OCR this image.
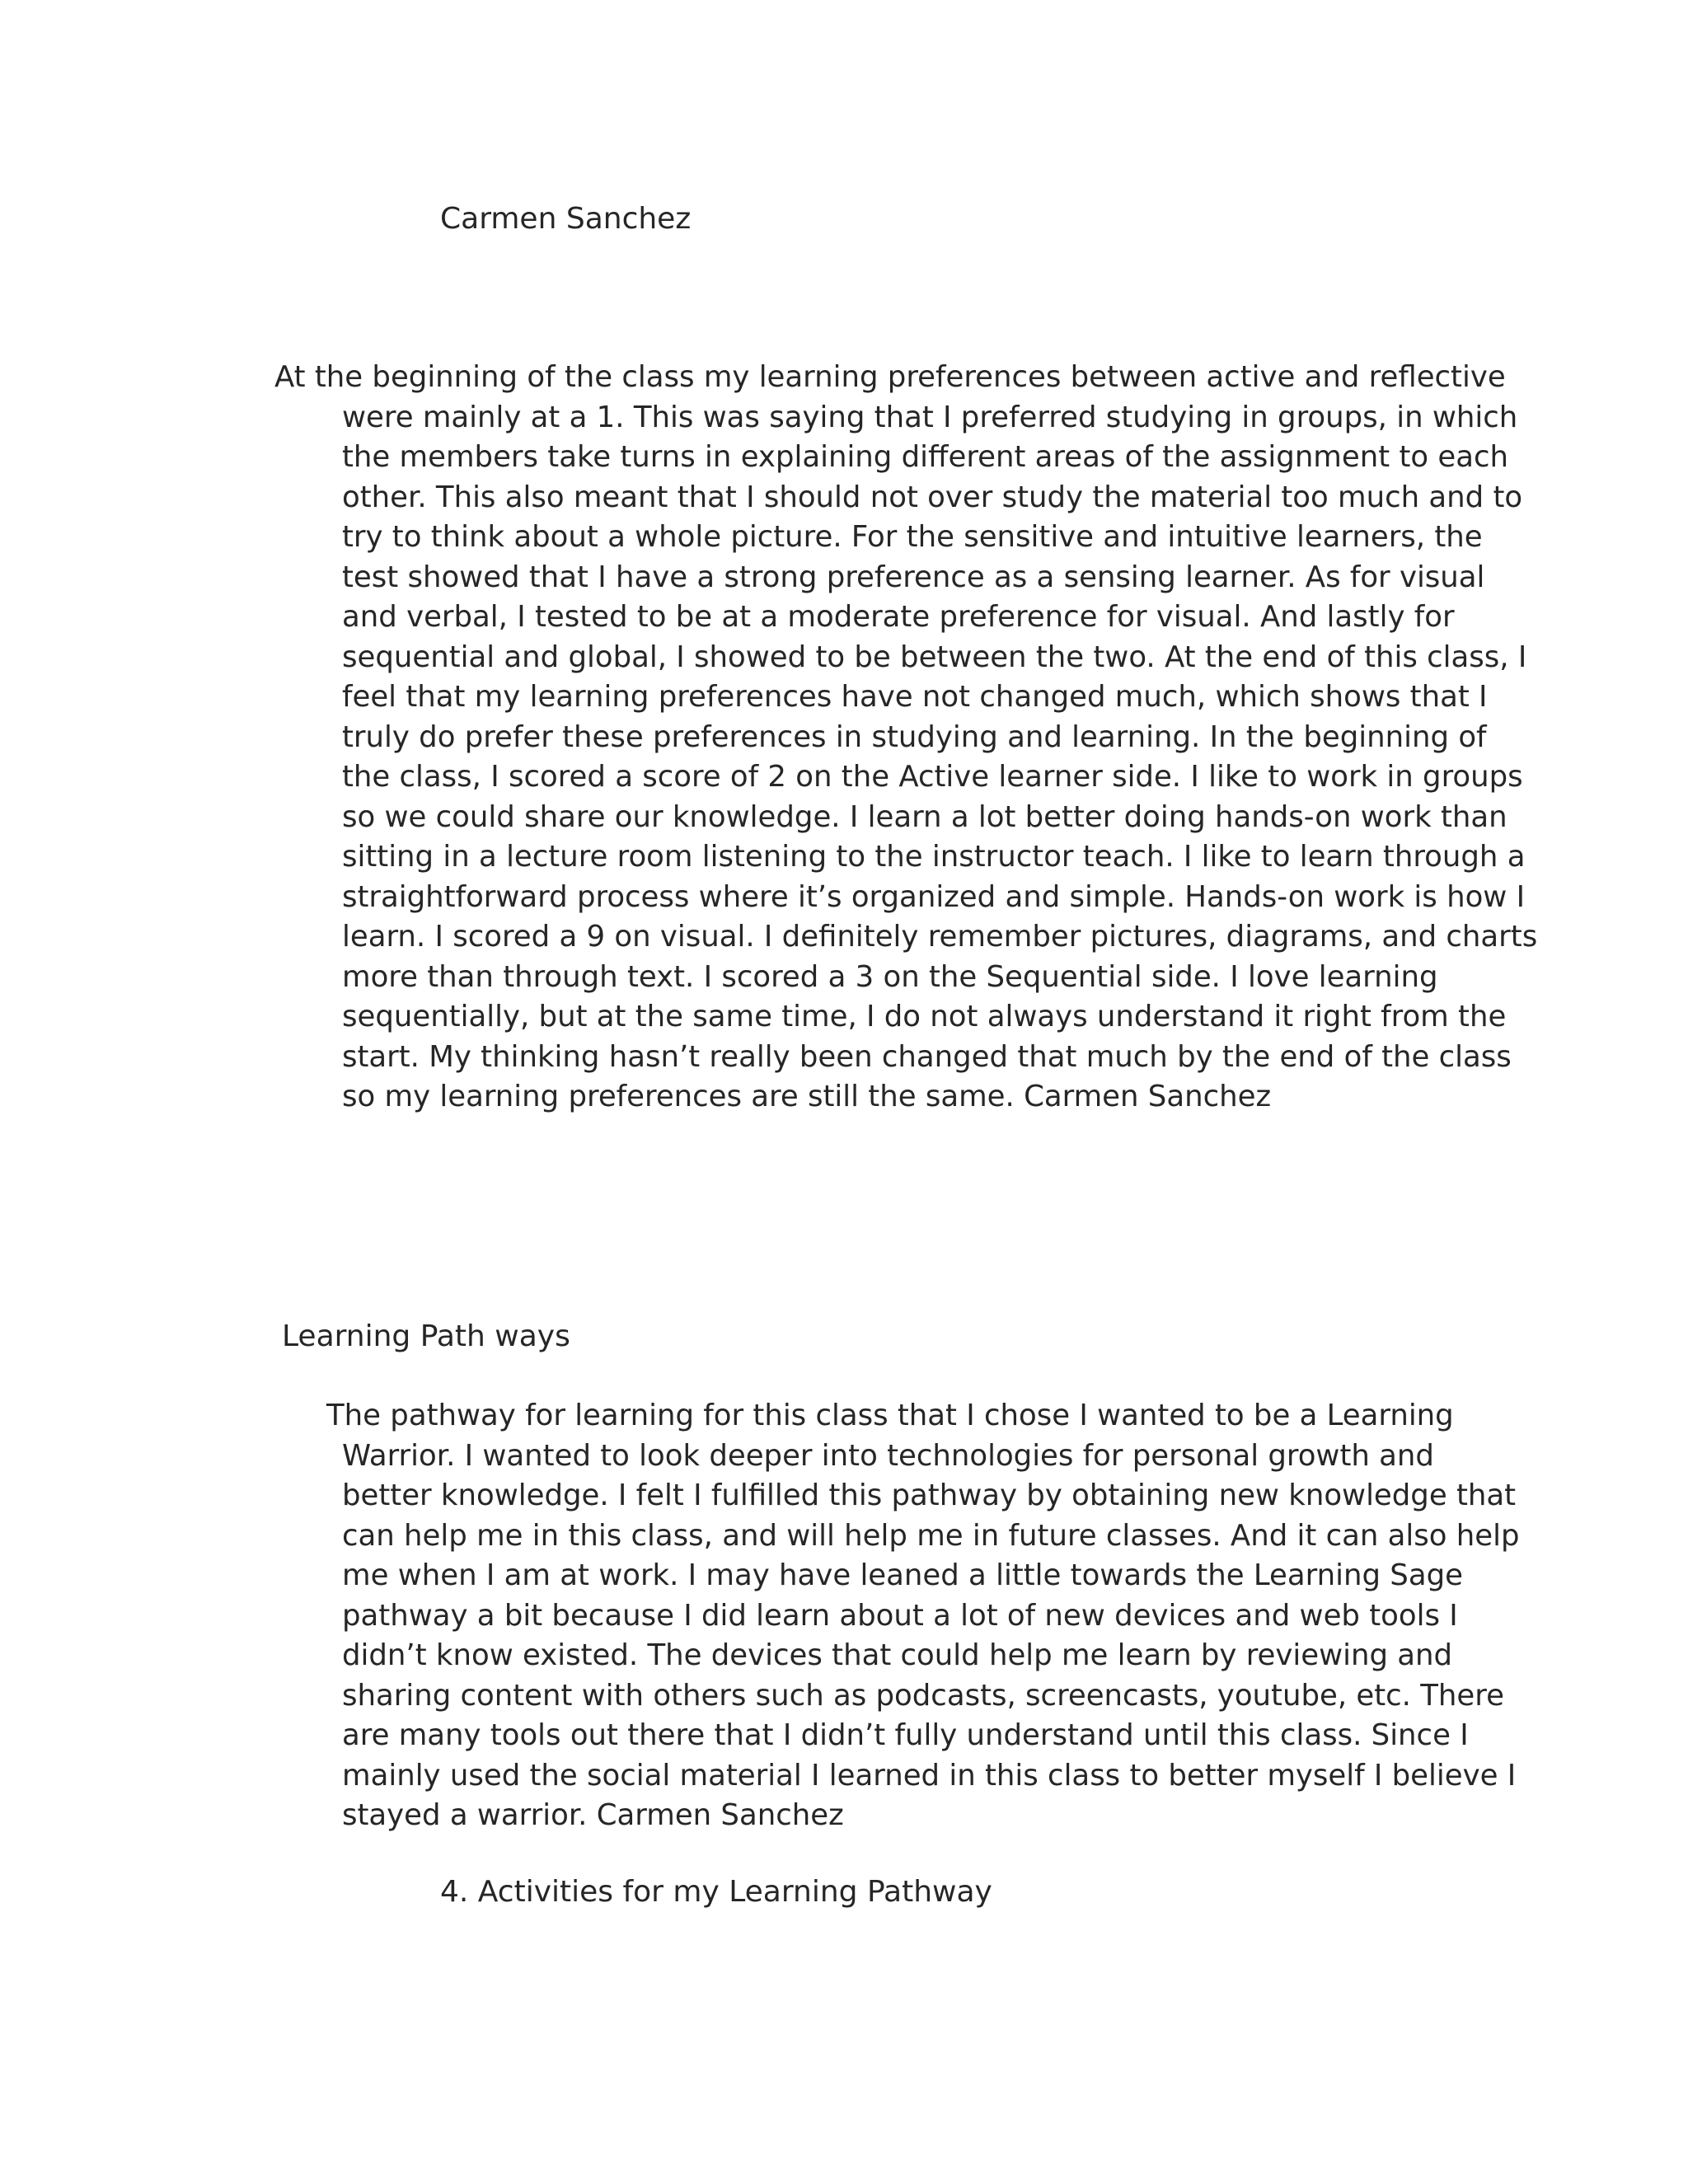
Carmen Sanchez

At the beginning of the class my learning preferences between active and reflective
were mainly at a 1. This was saying that I preferred studying in groups, in which
the members take turns in explaining different areas of the assignment to each
other. This also meant that I should not over study the material too much and to
try to think about a whole picture. For the sensitive and intuitive learners, the
test showed that I have a strong preference as a sensing learner. As for visual
and verbal, I tested to be at a moderate preference for visual. And lastly for
sequential and global, I showed to be between the two. At the end of this class, I
feel that my learning preferences have not changed much, which shows that I
truly do prefer these preferences in studying and learning. In the beginning of
the class, I scored a score of 2 on the Active learner side. I like to work in groups
so we could share our knowledge. I learn a lot better doing hands-on work than
sitting in a lecture room listening to the instructor teach. I like to learn through a
straightforward process where it’s organized and simple. Hands-on work is how I
learn. I scored a 9 on visual. I definitely remember pictures, diagrams, and charts
more than through text. I scored a 3 on the Sequential side. I love learning
sequentially, but at the same time, I do not always understand it right from the
start. My thinking hasn’t really been changed that much by the end of the class
so my learning preferences are still the same. Carmen Sanchez

Learning Path ways

The pathway for learning for this class that I chose I wanted to be a Learning
Warrior. I wanted to look deeper into technologies for personal growth and
better knowledge. I felt I fulfilled this pathway by obtaining new knowledge that
can help me in this class, and will help me in future classes. And it can also help
me when I am at work. I may have leaned a little towards the Learning Sage
pathway a bit because I did learn about a lot of new devices and web tools I
didn’t know existed. The devices that could help me learn by reviewing and
sharing content with others such as podcasts, screencasts, youtube, etc. There
are many tools out there that I didn’t fully understand until this class. Since I
mainly used the social material I learned in this class to better myself I believe I
stayed a warrior. Carmen Sanchez

4. Activities for my Learning Pathway
